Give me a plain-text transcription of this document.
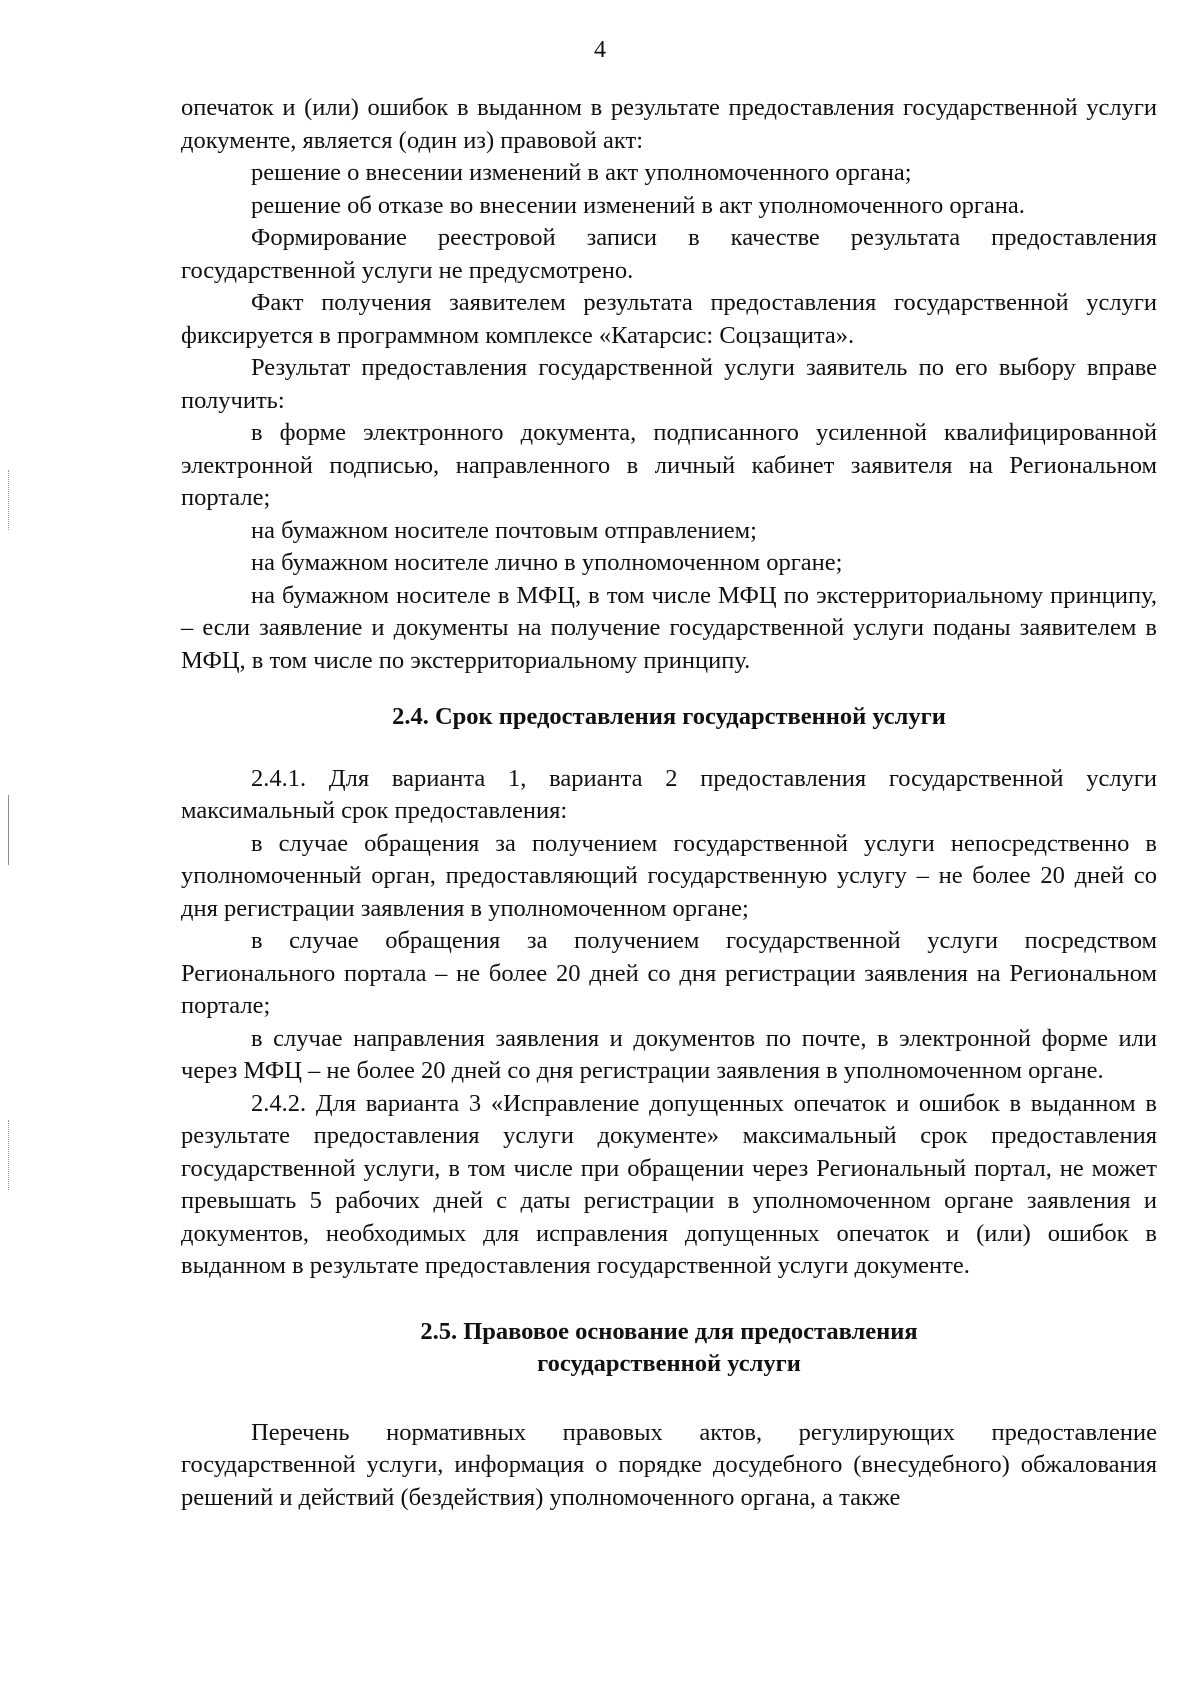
4

опечаток и (или) ошибок в выданном в результате предоставления государственной услуги документе, является (один из) правовой акт:

решение о внесении изменений в акт уполномоченного органа;

решение об отказе во внесении изменений в акт уполномоченного органа.

Формирование реестровой записи в качестве результата предоставления государственной услуги не предусмотрено.

Факт получения заявителем результата предоставления государственной услуги фиксируется в программном комплексе «Катарсис: Соцзащита».

Результат предоставления государственной услуги заявитель по его выбору вправе получить:

в форме электронного документа, подписанного усиленной квалифицированной электронной подписью, направленного в личный кабинет заявителя на Региональном портале;

на бумажном носителе почтовым отправлением;

на бумажном носителе лично в уполномоченном органе;

на бумажном носителе в МФЦ, в том числе МФЦ по экстерриториальному принципу, – если заявление и документы на получение государственной услуги поданы заявителем в МФЦ, в том числе по экстерриториальному принципу.

2.4. Срок предоставления государственной услуги

2.4.1. Для варианта 1, варианта 2 предоставления государственной услуги максимальный срок предоставления:

в случае обращения за получением государственной услуги непосредственно в уполномоченный орган, предоставляющий государственную услугу – не более 20 дней со дня регистрации заявления в уполномоченном органе;

в случае обращения за получением государственной услуги посредством Регионального портала – не более 20 дней со дня регистрации заявления на Региональном портале;

в случае направления заявления и документов по почте, в электронной форме или через МФЦ – не более 20 дней со дня регистрации заявления в уполномоченном органе.

2.4.2. Для варианта 3 «Исправление допущенных опечаток и ошибок в выданном в результате предоставления услуги документе» максимальный срок предоставления государственной услуги, в том числе при обращении через Региональный портал, не может превышать 5 рабочих дней с даты регистрации в уполномоченном органе заявления и документов, необходимых для исправления допущенных опечаток и (или) ошибок в выданном в результате предоставления государственной услуги документе.

2.5. Правовое основание для предоставления
государственной услуги

Перечень нормативных правовых актов, регулирующих предоставление государственной услуги, информация о порядке досудебного (внесудебного) обжалования решений и действий (бездействия) уполномоченного органа, а также
